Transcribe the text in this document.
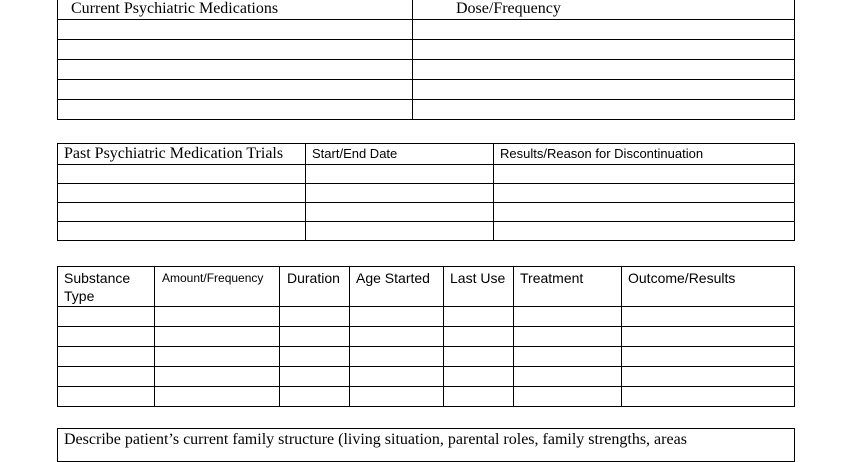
Current Psychiatric Medications	Dose/Frequency

Past Psychiatric Medication Trials	Start/End Date	Results/Reason for Discontinuation

Substance Type	Amount/Frequency	Duration	Age Started	Last Use	Treatment	Outcome/Results

Describe patient’s current family structure (living situation, parental roles, family strengths, areas
